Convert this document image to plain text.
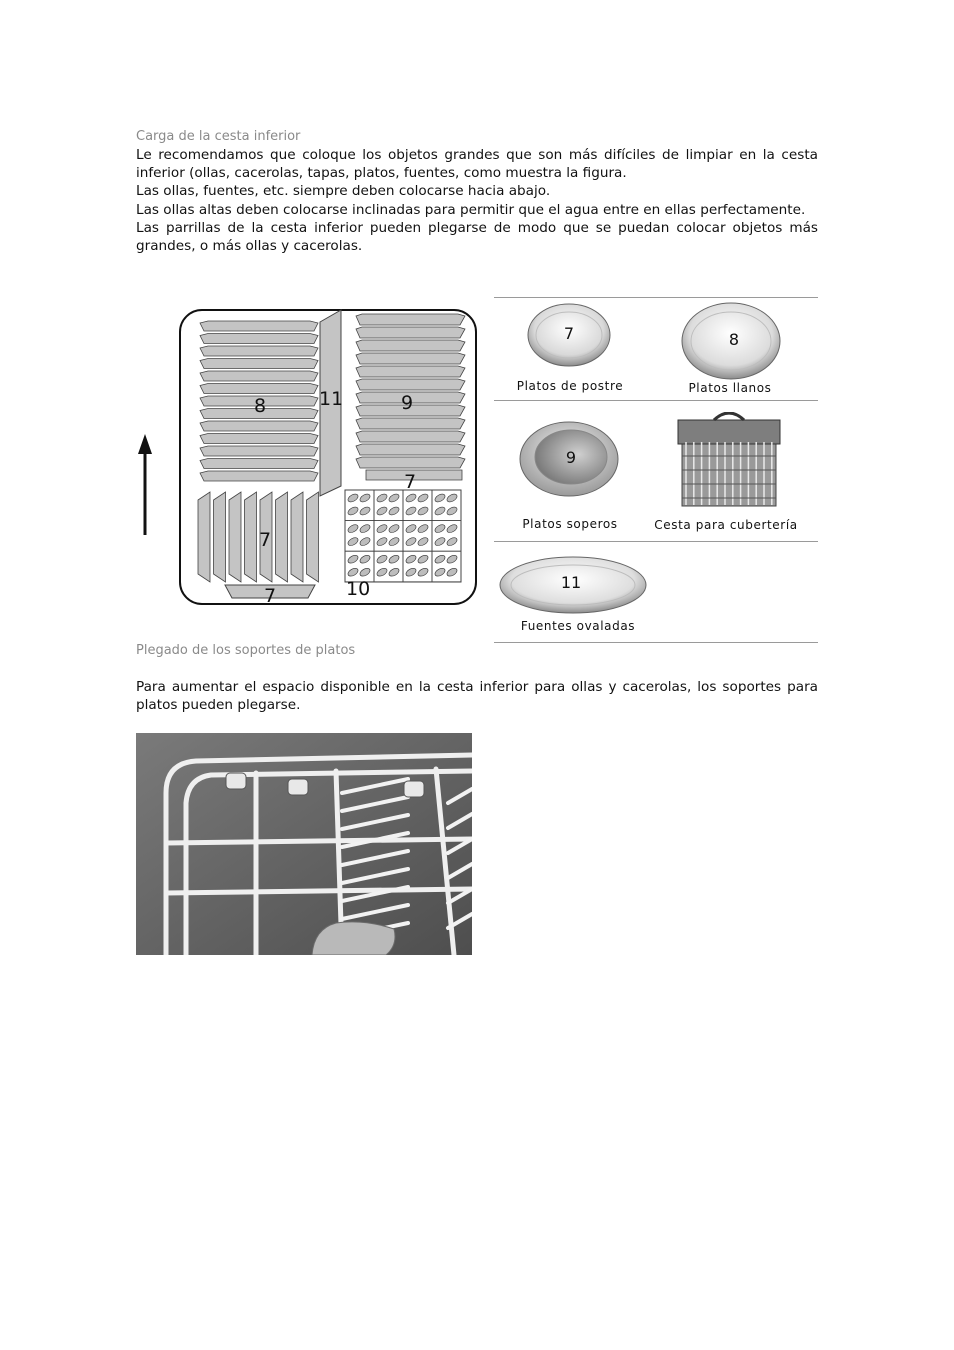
Carga de la cesta inferior

Le recomendamos que coloque los objetos grandes que son más difíciles de limpiar en la cesta inferior (ollas, cacerolas, tapas, platos, fuentes, como muestra la figura.
Las ollas, fuentes, etc. siempre deben colocarse hacia abajo.
Las ollas altas deben colocarse inclinadas para permitir que el agua entre en ellas perfectamente.
Las parrillas de la cesta inferior pueden plegarse de modo que se puedan colocar objetos más grandes, o más ollas y cacerolas.

8	11	9
7
7
7	10
7
Platos de postre
8
Platos llanos
9
Platos soperos	Cesta para cubertería
11
Fuentes ovaladas
Plegado de los soportes de platos

Para aumentar el espacio disponible en la cesta inferior para ollas y cacerolas, los soportes para platos pueden plegarse.
